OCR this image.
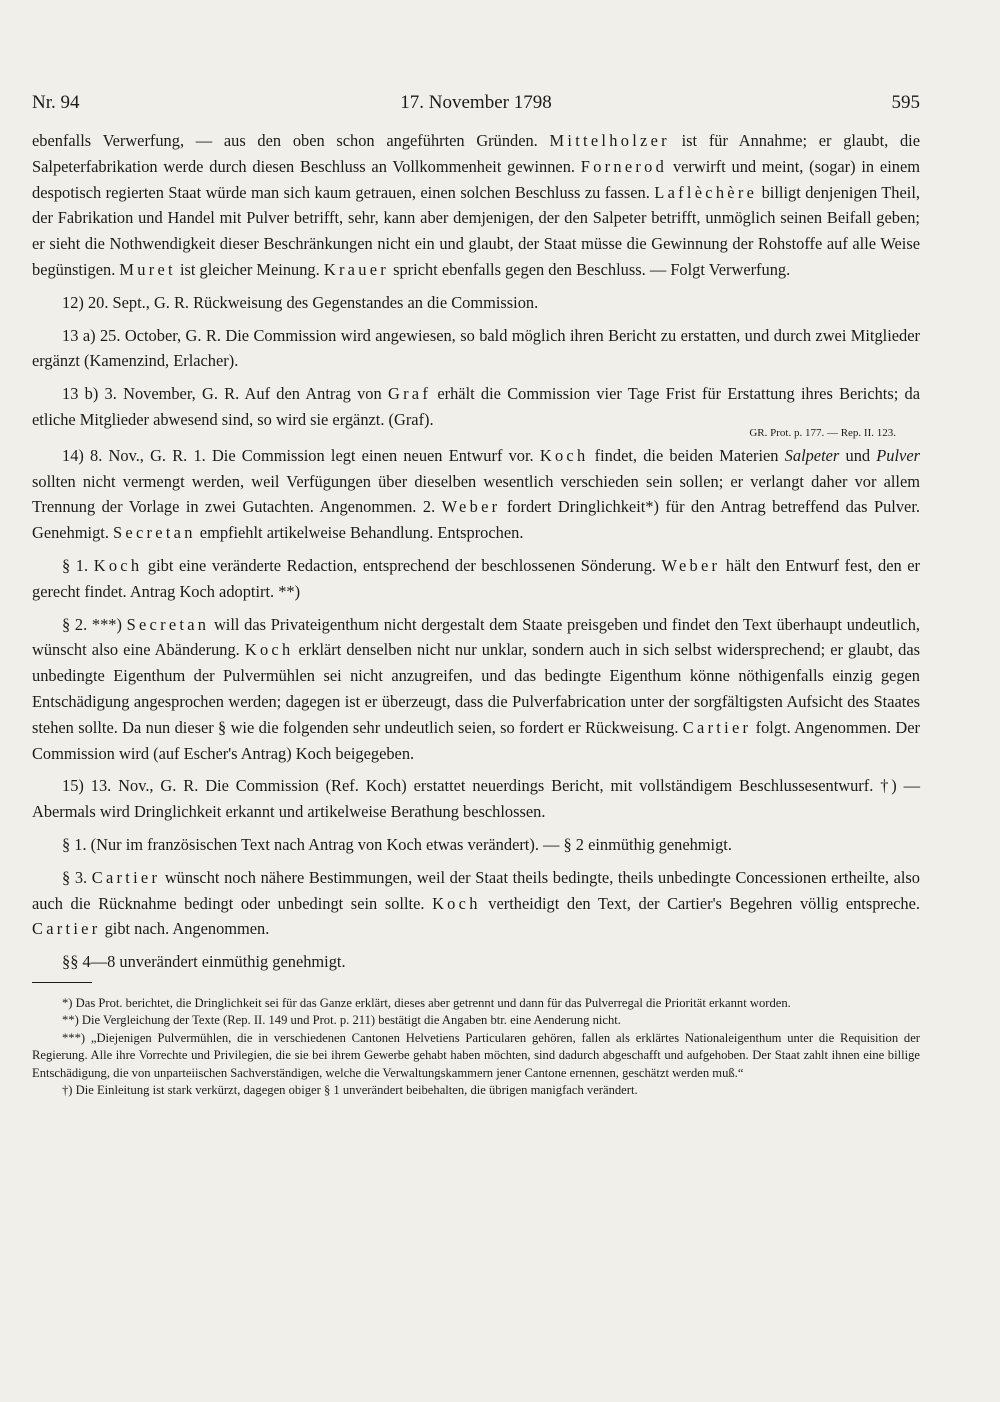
Nr. 94	17. November 1798	595

ebenfalls Verwerfung, — aus den oben schon angeführten Gründen. Mittelholzer ist für Annahme; er glaubt, die Salpeterfabrikation werde durch diesen Beschluss an Vollkommenheit gewinnen. Fornerod verwirft und meint, (sogar) in einem despotisch regierten Staat würde man sich kaum getrauen, einen solchen Beschluss zu fassen. Laflèchère billigt denjenigen Theil, der Fabrikation und Handel mit Pulver betrifft, sehr, kann aber demjenigen, der den Salpeter betrifft, unmöglich seinen Beifall geben; er sieht die Nothwendigkeit dieser Beschränkungen nicht ein und glaubt, der Staat müsse die Gewinnung der Rohstoffe auf alle Weise begünstigen. Muret ist gleicher Meinung. Krauer spricht ebenfalls gegen den Beschluss. — Folgt Verwerfung.

12) 20. Sept., G. R. Rückweisung des Gegenstandes an die Commission.

13 a) 25. October, G. R. Die Commission wird angewiesen, so bald möglich ihren Bericht zu erstatten, und durch zwei Mitglieder ergänzt (Kamenzind, Erlacher).

13 b) 3. November, G. R. Auf den Antrag von Graf erhält die Commission vier Tage Frist für Erstattung ihres Berichts; da etliche Mitglieder abwesend sind, so wird sie ergänzt. (Graf).

GR. Prot. p. 177. — Rep. II. 123.

14) 8. Nov., G. R. 1. Die Commission legt einen neuen Entwurf vor. Koch findet, die beiden Materien Salpeter und Pulver sollten nicht vermengt werden, weil Verfügungen über dieselben wesentlich verschieden sein sollen; er verlangt daher vor allem Trennung der Vorlage in zwei Gutachten. Angenommen. 2. Weber fordert Dringlichkeit*) für den Antrag betreffend das Pulver. Genehmigt. Secretan empfiehlt artikelweise Behandlung. Entsprochen.

§ 1. Koch gibt eine veränderte Redaction, entsprechend der beschlossenen Sönderung. Weber hält den Entwurf fest, den er gerecht findet. Antrag Koch adoptirt. **)

§ 2. ***) Secretan will das Privateigenthum nicht dergestalt dem Staate preisgeben und findet den Text überhaupt undeutlich, wünscht also eine Abänderung. Koch erklärt denselben nicht nur unklar, sondern auch in sich selbst widersprechend; er glaubt, das unbedingte Eigenthum der Pulvermühlen sei nicht anzugreifen, und das bedingte Eigenthum könne nöthigenfalls einzig gegen Entschädigung angesprochen werden; dagegen ist er überzeugt, dass die Pulverfabrication unter der sorgfältigsten Aufsicht des Staates stehen sollte. Da nun dieser § wie die folgenden sehr undeutlich seien, so fordert er Rückweisung. Cartier folgt. Angenommen. Der Commission wird (auf Escher's Antrag) Koch beigegeben.

15) 13. Nov., G. R. Die Commission (Ref. Koch) erstattet neuerdings Bericht, mit vollständigem Beschlussesentwurf. †) — Abermals wird Dringlichkeit erkannt und artikelweise Berathung beschlossen.

§ 1. (Nur im französischen Text nach Antrag von Koch etwas verändert). — § 2 einmüthig genehmigt.

§ 3. Cartier wünscht noch nähere Bestimmungen, weil der Staat theils bedingte, theils unbedingte Concessionen ertheilte, also auch die Rücknahme bedingt oder unbedingt sein sollte. Koch vertheidigt den Text, der Cartier's Begehren völlig entspreche. Cartier gibt nach. Angenommen.

§§ 4—8 unverändert einmüthig genehmigt.

*) Das Prot. berichtet, die Dringlichkeit sei für das Ganze erklärt, dieses aber getrennt und dann für das Pulverregal die Priorität erkannt worden.

**) Die Vergleichung der Texte (Rep. II. 149 und Prot. p. 211) bestätigt die Angaben btr. eine Aenderung nicht.

***) „Diejenigen Pulvermühlen, die in verschiedenen Cantonen Helvetiens Particularen gehören, fallen als erklärtes Nationaleigenthum unter die Requisition der Regierung. Alle ihre Vorrechte und Privilegien, die sie bei ihrem Gewerbe gehabt haben möchten, sind dadurch abgeschafft und aufgehoben. Der Staat zahlt ihnen eine billige Entschädigung, die von unparteiischen Sachverständigen, welche die Verwaltungskammern jener Cantone ernennen, geschätzt werden muß.“

†) Die Einleitung ist stark verkürzt, dagegen obiger § 1 unverändert beibehalten, die übrigen manigfach verändert.
